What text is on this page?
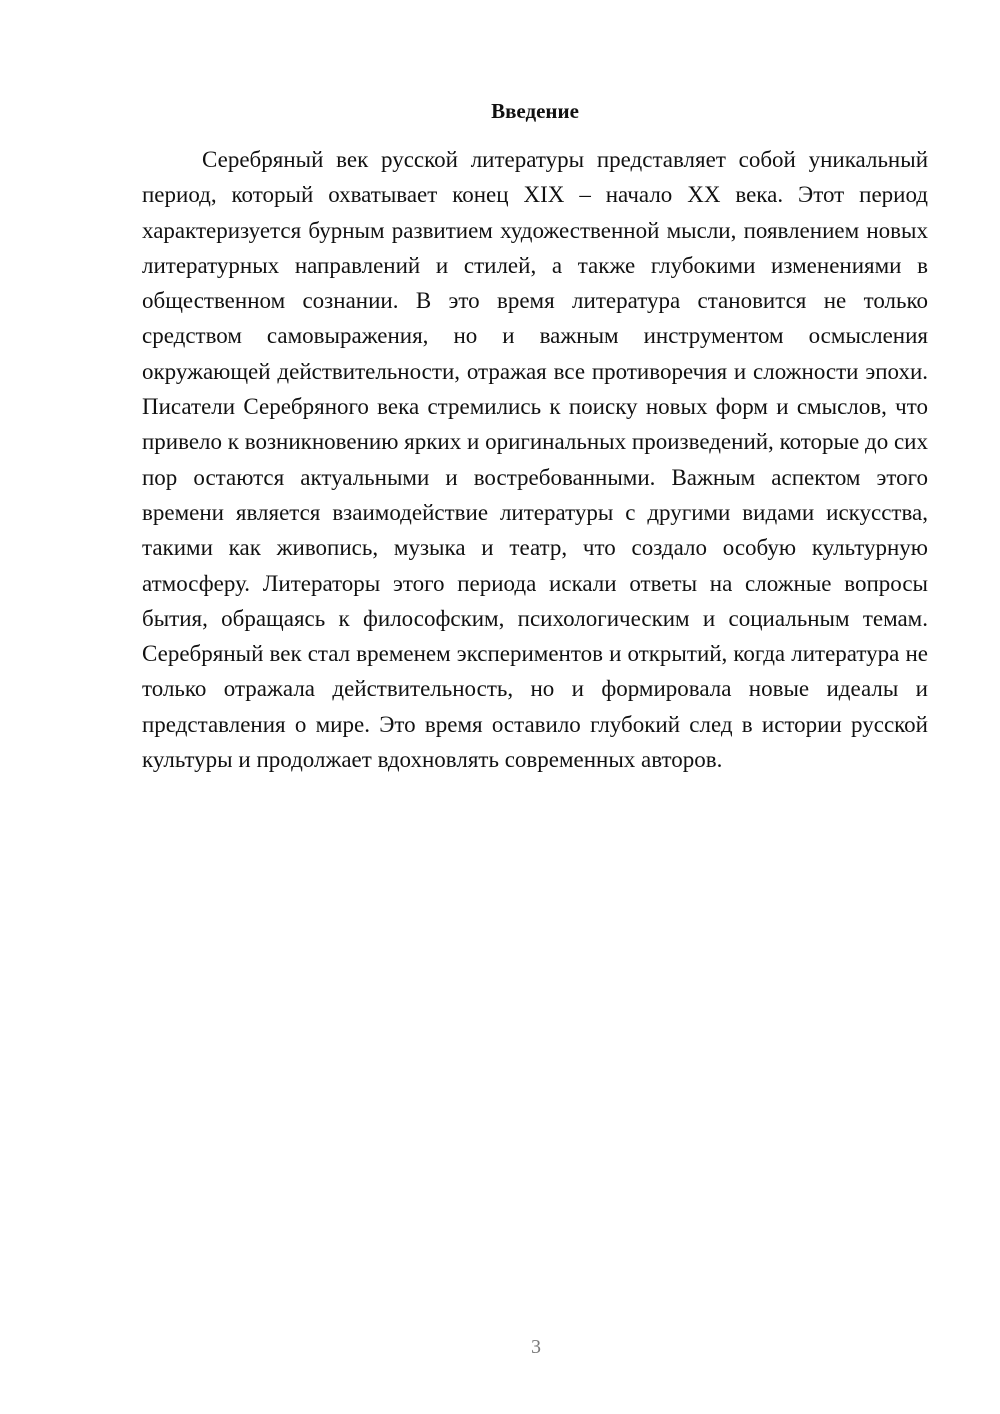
Введение

Серебряный век русской литературы представляет собой уникальный период, который охватывает конец XIX – начало XX века. Этот период характеризуется бурным развитием художественной мысли, появлением новых литературных направлений и стилей, а также глубокими изменениями в общественном сознании. В это время литература становится не только средством самовыражения, но и важным инструментом осмысления окружающей действительности, отражая все противоречия и сложности эпохи. Писатели Серебряного века стремились к поиску новых форм и смыслов, что привело к возникновению ярких и оригинальных произведений, которые до сих пор остаются актуальными и востребованными. Важным аспектом этого времени является взаимодействие литературы с другими видами искусства, такими как живопись, музыка и театр, что создало особую культурную атмосферу. Литераторы этого периода искали ответы на сложные вопросы бытия, обращаясь к философским, психологическим и социальным темам. Серебряный век стал временем экспериментов и открытий, когда литература не только отражала действительность, но и формировала новые идеалы и представления о мире. Это время оставило глубокий след в истории русской культуры и продолжает вдохновлять современных авторов.

3
